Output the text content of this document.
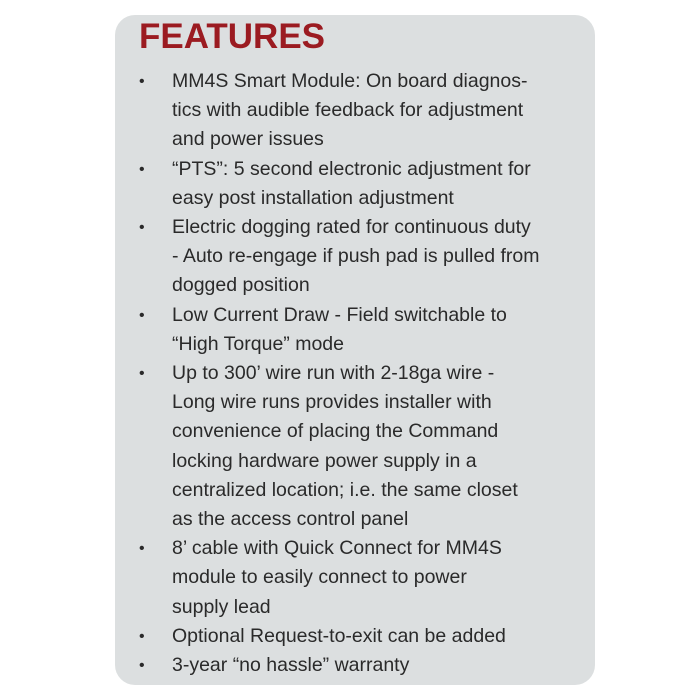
FEATURES
•	MM4S Smart Module: On board diagnos-
tics with audible feedback for adjustment
and power issues
•	“PTS”: 5 second electronic adjustment for
easy post installation adjustment
•	Electric dogging rated for continuous duty
- Auto re-engage if push pad is pulled from
dogged position
•	Low Current Draw - Field switchable to
“High Torque” mode
•	Up to 300’ wire run with 2-18ga wire -
Long wire runs provides installer with
convenience of placing the Command
locking hardware power supply in a
centralized location; i.e. the same closet
as the access control panel
•	8’ cable with Quick Connect for MM4S
module to easily connect to power
supply lead
•	Optional Request-to-exit can be added
•	3-year “no hassle” warranty
